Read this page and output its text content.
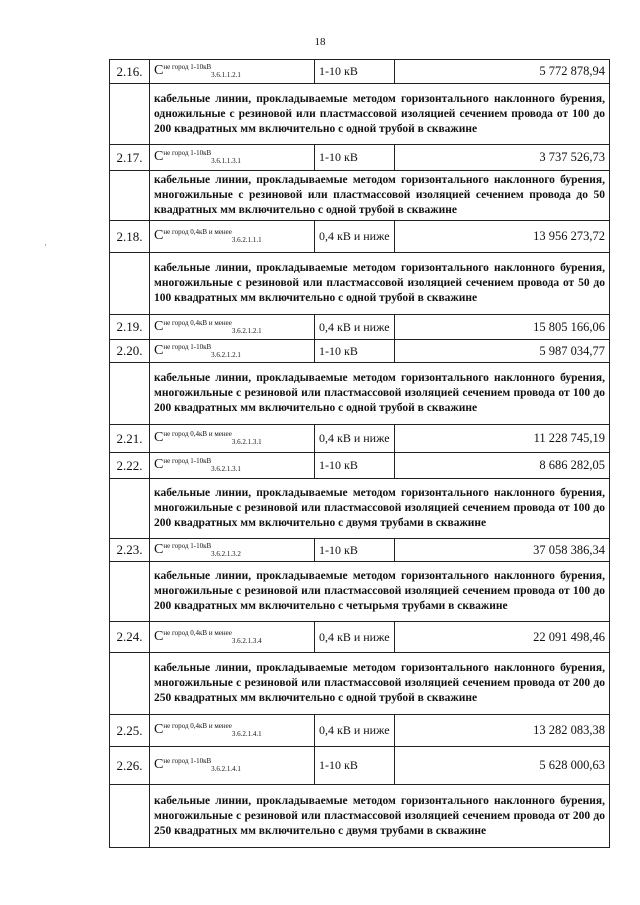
18
2.16.	$C^{не город 1-10кВ}_{3.6.1.1.2.1}$	1-10 кВ	5 772 878,94
	кабельные линии, прокладываемые методом горизонтального наклонного бурения, одножильные с резиновой или пластмассовой изоляцией сечением провода от 100 до 200 квадратных мм включительно с одной трубой в скважине		
2.17.	$C^{не город 1-10кВ}_{3.6.1.1.3.1}$	1-10 кВ	3 737 526,73
	кабельные линии, прокладываемые методом горизонтального наклонного бурения, многожильные с резиновой или пластмассовой изоляцией сечением провода до 50 квадратных мм включительно с одной трубой в скважине		
2.18.	$C^{не город 0,4кВ и менее}_{3.6.2.1.1.1}$	0,4 кВ и ниже	13 956 273,72
	кабельные линии, прокладываемые методом горизонтального наклонного бурения, многожильные с резиновой или пластмассовой изоляцией сечением провода от 50 до 100 квадратных мм включительно с одной трубой в скважине		
2.19.	$C^{не город 0,4кВ и менее}_{3.6.2.1.2.1}$	0,4 кВ и ниже	15 805 166,06
2.20.	$C^{не город 1-10кВ}_{3.6.2.1.2.1}$	1-10 кВ	5 987 034,77
	кабельные линии, прокладываемые методом горизонтального наклонного бурения, многожильные с резиновой или пластмассовой изоляцией сечением провода от 100 до 200 квадратных мм включительно с одной трубой в скважине		
2.21.	$C^{не город 0,4кВ и менее}_{3.6.2.1.3.1}$	0,4 кВ и ниже	11 228 745,19
2.22.	$C^{не город 1-10кВ}_{3.6.2.1.3.1}$	1-10 кВ	8 686 282,05
	кабельные линии, прокладываемые методом горизонтального наклонного бурения, многожильные с резиновой или пластмассовой изоляцией сечением провода от 100 до 200 квадратных мм включительно с двумя трубами в скважине		
2.23.	$C^{не город 1-10кВ}_{3.6.2.1.3.2}$	1-10 кВ	37 058 386,34
	кабельные линии, прокладываемые методом горизонтального наклонного бурения, многожильные с резиновой или пластмассовой изоляцией сечением провода от 100 до 200 квадратных мм включительно с четырьмя трубами в скважине		
2.24.	$C^{не город 0,4кВ и менее}_{3.6.2.1.3.4}$	0,4 кВ и ниже	22 091 498,46
	кабельные линии, прокладываемые методом горизонтального наклонного бурения, многожильные с резиновой или пластмассовой изоляцией сечением провода от 200 до 250 квадратных мм включительно с одной трубой в скважине		
2.25.	$C^{не город 0,4кВ и менее}_{3.6.2.1.4.1}$	0,4 кВ и ниже	13 282 083,38
2.26.	$C^{не город 1-10кВ}_{3.6.2.1.4.1}$	1-10 кВ	5 628 000,63
	кабельные линии, прокладываемые методом горизонтального наклонного бурения, многожильные с резиновой или пластмассовой изоляцией сечением провода от 200 до 250 квадратных мм включительно с двумя трубами в скважине		
·
